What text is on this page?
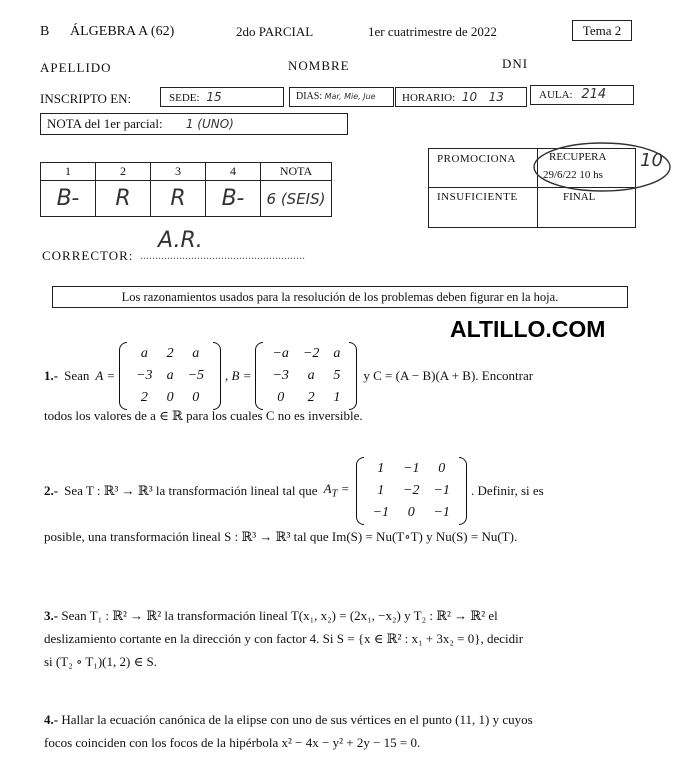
B ÁLGEBRA A (62)	2do PARCIAL	1er cuatrimestre de 2022	Tema 2
APELLIDO	NOMBRE	DNI
INSCRIPTO EN:	SEDE: 15	DIAS: Mar, Mie, Jue	HORARIO: 10   13	AULA: 214
NOTA del 1er parcial: 1 (UNO)
1	2	3	4	NOTA
B-	R	R	B-	6 (SEIS)
PROMOCIONA	RECUPERA
29/6/22 10 hs
INSUFICIENTE	FINAL
10
CORRECTOR: .......................................................
A.R.
Los razonamientos usados para la resolución de los problemas deben figurar en la hoja.
ALTILLO.COM
1.- Sean A =
a	2	a
−3	a	−5
2	0	0
, B =
−a	−2	a
−3	a	5
0	2	1
y C = (A − B)(A + B). Encontrar
todos los valores de a ∈ ℝ para los cuales C no es inversible.
2.- Sea T : ℝ³ → ℝ³ la transformación lineal tal que $A_T$ =
1	−1	0
1	−2	−1
−1	0	−1
. Definir, si es
posible, una transformación lineal S : ℝ³ → ℝ³ tal que Im(S) = Nu(T∘T) y Nu(S) = Nu(T).
3.- Sean T₁ : ℝ² → ℝ² la transformación lineal T(x₁, x₂) = (2x₁, −x₂) y T₂ : ℝ² → ℝ² el
deslizamiento cortante en la dirección y con factor 4. Si S = {x ∈ ℝ² : x₁ + 3x₂ = 0}, decidir
si (T₂ ∘ T₁)(1, 2) ∈ S.
4.- Hallar la ecuación canónica de la elipse con uno de sus vértices en el punto (11, 1) y cuyos
focos coinciden con los focos de la hipérbola x² − 4x − y² + 2y − 15 = 0.
